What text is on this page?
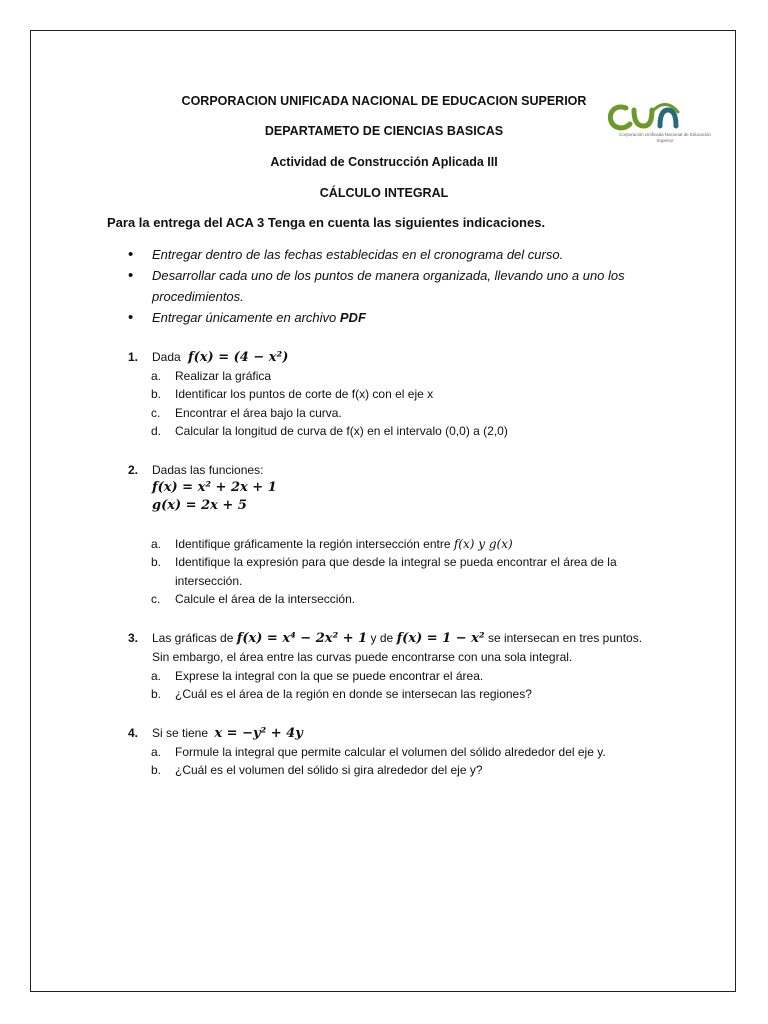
CORPORACION UNIFICADA NACIONAL DE EDUCACION SUPERIOR
DEPARTAMETO DE CIENCIAS BASICAS
Actividad de Construcción Aplicada III
CÁLCULO INTEGRAL
Corporación Unificada Nacional de Educación Superior
Para la entrega del ACA 3 Tenga en cuenta las siguientes indicaciones.
• Entregar dentro de las fechas establecidas en el cronograma del curso.
• Desarrollar cada uno de los puntos de manera organizada, llevando uno a uno los procedimientos.
• Entregar únicamente en archivo PDF
1. Dada f(x) = (4 − x²)
a. Realizar la gráfica
b. Identificar los puntos de corte de f(x) con el eje x
c. Encontrar el área bajo la curva.
d. Calcular la longitud de curva de f(x) en el intervalo (0,0) a (2,0)
2. Dadas las funciones:
f(x) = x² + 2x + 1
g(x) = 2x + 5
a. Identifique gráficamente la región intersección entre f(x) y g(x)
b. Identifique la expresión para que desde la integral se pueda encontrar el área de la intersección.
c. Calcule el área de la intersección.
3. Las gráficas de f(x) = x⁴ − 2x² + 1 y de f(x) = 1 − x² se intersecan en tres puntos.
Sin embargo, el área entre las curvas puede encontrarse con una sola integral.
a. Exprese la integral con la que se puede encontrar el área.
b. ¿Cuál es el área de la región en donde se intersecan las regiones?
4. Si se tiene x = −y² + 4y
a. Formule la integral que permite calcular el volumen del sólido alrededor del eje y.
b. ¿Cuál es el volumen del sólido si gira alrededor del eje y?
